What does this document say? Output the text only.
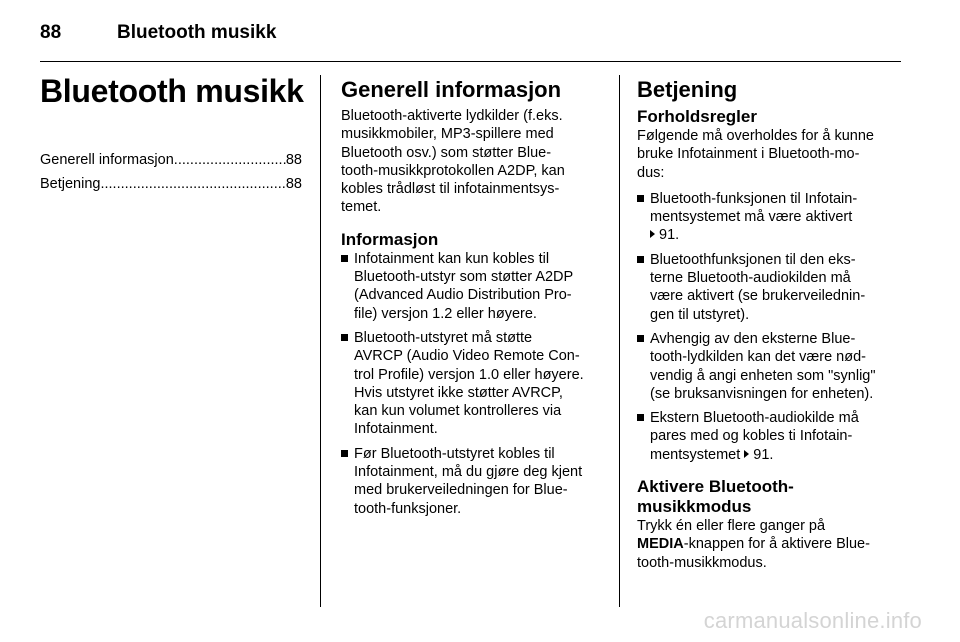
88	Bluetooth musikk
Bluetooth musikk
Generell informasjon .....	88
Betjening .....	88
Generell informasjon

Bluetooth-aktiverte lydkilder (f.eks.
musikkmobiler, MP3-spillere med
Bluetooth osv.) som støtter Blue-
tooth-musikkprotokollen A2DP, kan
kobles trådløst til infotainmentsys-
temet.

Informasjon
Infotainment kan kun kobles til
Bluetooth-utstyr som støtter A2DP
(Advanced Audio Distribution Pro-
file) versjon 1.2 eller høyere.
Bluetooth-utstyret må støtte
AVRCP (Audio Video Remote Con-
trol Profile) versjon 1.0 eller høyere.
Hvis utstyret ikke støtter AVRCP,
kan kun volumet kontrolleres via
Infotainment.
Før Bluetooth-utstyret kobles til
Infotainment, må du gjøre deg kjent
med brukerveiledningen for Blue-
tooth-funksjoner.
Betjening
Forholdsregler

Følgende må overholdes for å kunne
bruke Infotainment i Bluetooth-mo-
dus:

Bluetooth-funksjonen til Infotain-
mentsystemet må være aktivert
91.
Bluetoothfunksjonen til den eks-
terne Bluetooth-audiokilden må
være aktivert (se brukerveilednin-
gen til utstyret).
Avhengig av den eksterne Blue-
tooth-lydkilden kan det være nød-
vendig å angi enheten som "synlig"
(se bruksanvisningen for enheten).
Ekstern Bluetooth-audiokilde må
pares med og kobles ti Infotain-
mentsystemet 91.
Aktivere Bluetooth-
musikkmodus

Trykk én eller flere ganger på
MEDIA-knappen for å aktivere Blue-
tooth-musikkmodus.

carmanualsonline.info
